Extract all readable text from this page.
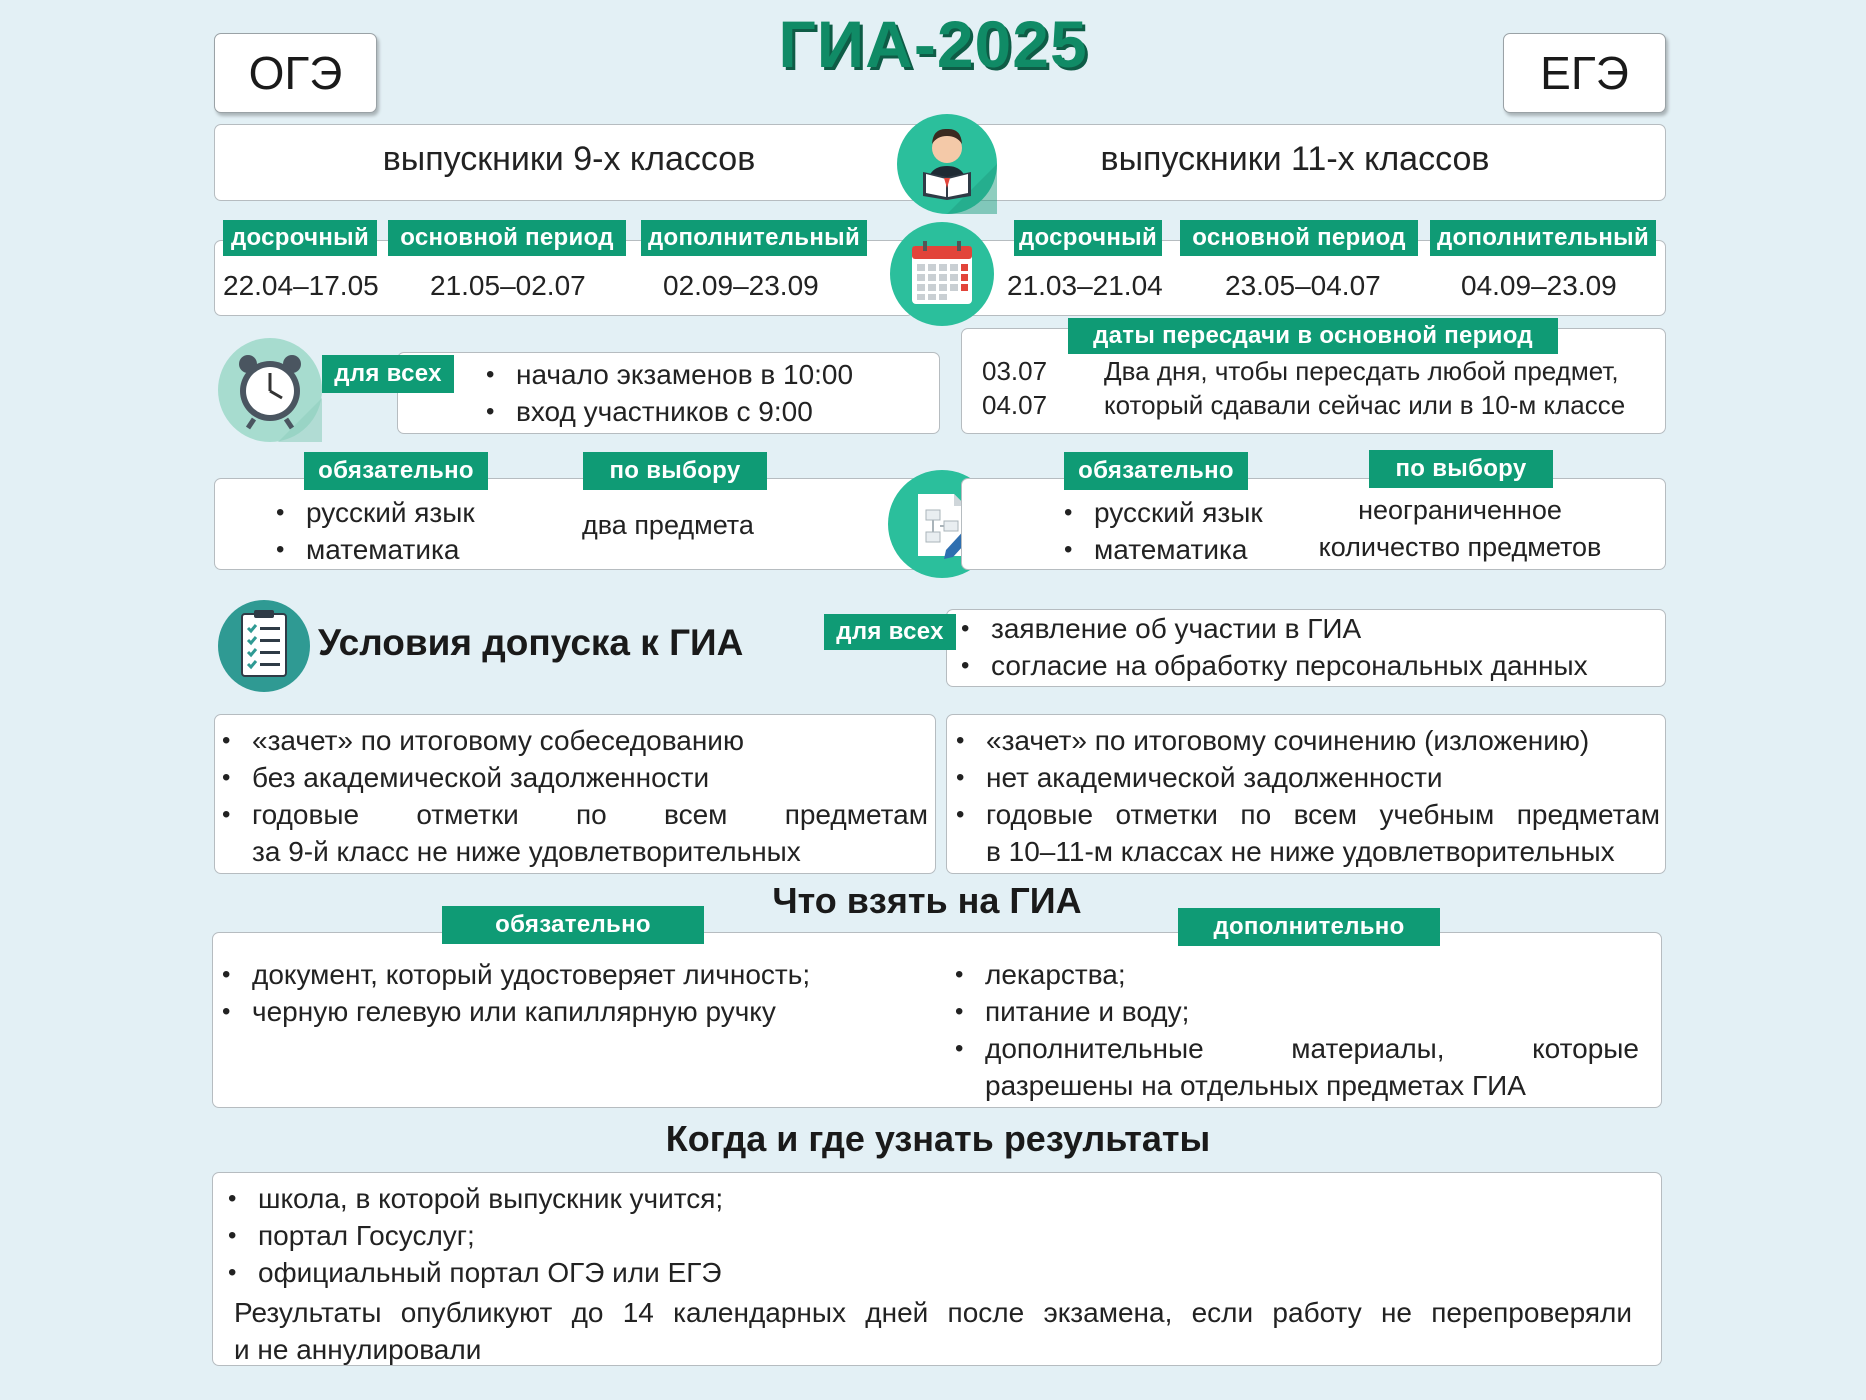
ГИА-2025
ОГЭ	ЕГЭ
выпускники 9-х классов	выпускники 11-х классов
досрочный	основной период	дополнительный
22.04–17.05 21.05–02.07	02.09–23.09
досрочный	основной период	дополнительный
21.03–21.04 23.05–04.07	04.09–23.09
для всех	• начало экзаменов в 10:00
• вход участников с 9:00
даты пересдачи в основной период
03.07
04.07
Два дня, чтобы пересдать любой предмет,
который сдавали сейчас или в 10-м классе
обязательно	по выбору
• русский язык
• математика
два предмета
обязательно	по выбору
• русский язык
• математика
неограниченное
количество предметов
Условия допуска к ГИА	для всех	• заявление об участии в ГИА
• согласие на обработку персональных данных
• «зачет» по итоговому собеседованию
• без академической задолженности
• годовые отметки по всем предметам
за 9-й класс не ниже удовлетворительных
• «зачет» по итоговому сочинению (изложению)
• нет академической задолженности
• годовые отметки по всем учебным предметам
в 10–11-м классах не ниже удовлетворительных
Что взять на ГИА
обязательно	дополнительно
• документ, который удостоверяет личность;
• черную гелевую или капиллярную ручку
• лекарства;
• питание и воду;
• дополнительные	материалы,	которые
разрешены на отдельных предметах ГИА
Когда и где узнать результаты
• школа, в которой выпускник учится;
• портал Госуслуг;
• официальный портал ОГЭ или ЕГЭ
Результаты опубликуют до 14 календарных дней после экзамена, если работу не перепроверяли
и не аннулировали
